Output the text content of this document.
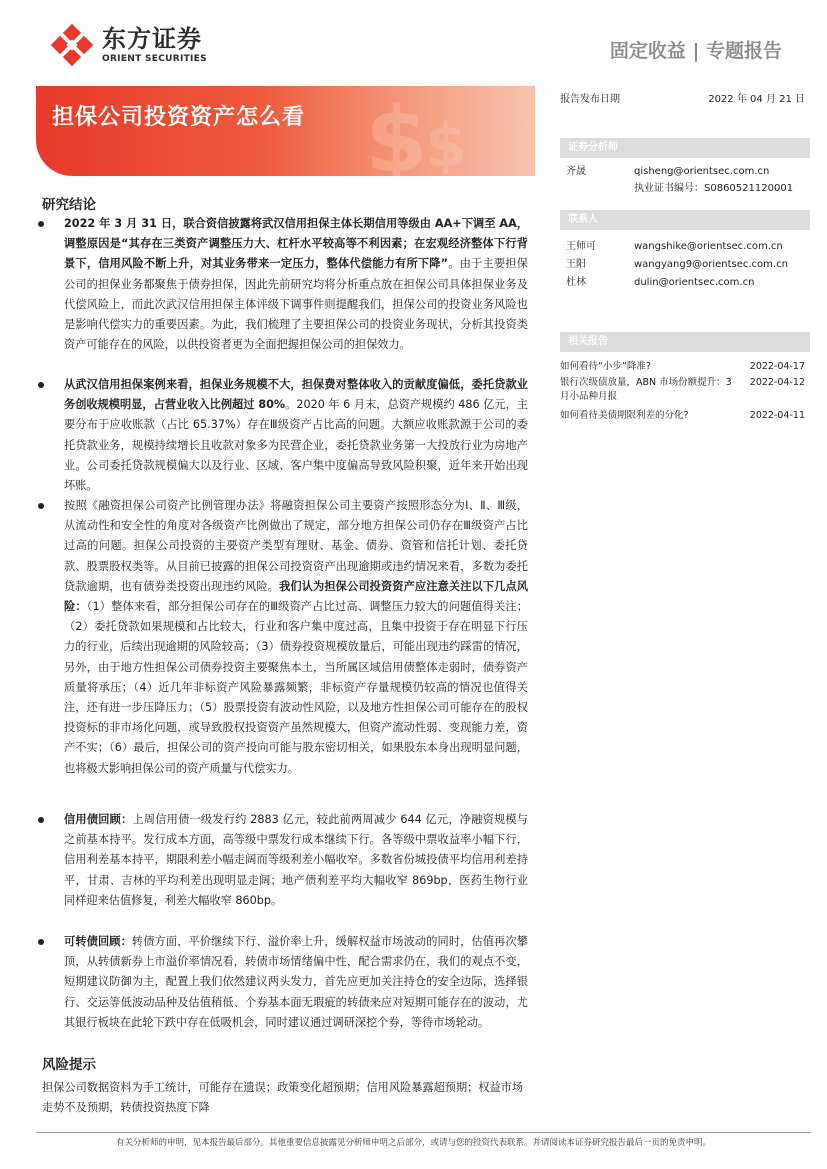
东方证券
ORIENT SECURITIES	固定收益 | 专题报告
$
$
担保公司投资资产怎么看
报告发布日期	2022 年 04 月 21 日
证券分析师
齐晟	qisheng@orientsec.com.cn
执业证书编号：S0860521120001
联系人
王师可	wangshike@orientsec.com.cn
王阳	wangyang9@orientsec.com.cn
杜林	dulin@orientsec.com.cn
相关报告
如何看待“小步”降准?	2022-04-17
银行次级债放量，ABN 市场份额提升：3 月小品种月报
2022-04-12
如何看待美债期限利差的分化?	2022-04-11
研究结论
2022 年 3 月 31 日，联合资信披露将武汉信用担保主体长期信用等级由 AA+下调至 AA，调整原因是“其存在三类资产调整压力大、杠杆水平较高等不利因素；在宏观经济整体下行背景下，信用风险不断上升，对其业务带来一定压力，整体代偿能力有所下降”。由于主要担保公司的担保业务都聚焦于债券担保，因此先前研究均将分析重点放在担保公司具体担保业务及代偿风险上，而此次武汉信用担保主体评级下调事件则提醒我们，担保公司的投资业务风险也是影响代偿实力的重要因素。为此，我们梳理了主要担保公司的投资业务现状，分析其投资类资产可能存在的风险，以供投资者更为全面把握担保公司的担保效力。
从武汉信用担保案例来看，担保业务规模不大，担保费对整体收入的贡献度偏低，委托贷款业务创收规模明显，占营业收入比例超过 80%。2020 年 6 月末，总资产规模约 486 亿元，主要分布于应收账款（占比 65.37%）存在Ⅲ级资产占比高的问题。大额应收账款源于公司的委托贷款业务，规模持续增长且收款对象多为民营企业，委托贷款业务第一大投放行业为房地产业。公司委托贷款规模偏大以及行业、区域、客户集中度偏高导致风险积聚，近年来开始出现坏账。
按照《融资担保公司资产比例管理办法》将融资担保公司主要资产按照形态分为Ⅰ、Ⅱ、Ⅲ级，从流动性和安全性的角度对各级资产比例做出了规定，部分地方担保公司仍存在Ⅲ级资产占比过高的问题。担保公司投资的主要资产类型有理财、基金、债券、资管和信托计划、委托贷款、股票股权类等。从目前已披露的担保公司投资资产出现逾期或违约情况来看，多数为委托贷款逾期，也有债券类投资出现违约风险。我们认为担保公司投资资产应注意关注以下几点风险：（1）整体来看，部分担保公司存在的Ⅲ级资产占比过高、调整压力较大的问题值得关注；（2）委托贷款如果规模和占比较大，行业和客户集中度过高，且集中投资于存在明显下行压力的行业，后续出现逾期的风险较高；（3）债券投资规模放量后，可能出现违约踩雷的情况，另外，由于地方性担保公司债券投资主要聚焦本土，当所属区域信用债整体走弱时，债券资产质量将承压；（4）近几年非标资产风险暴露频繁，非标资产存量规模仍较高的情况也值得关注，还有进一步压降压力；（5）股票投资有波动性风险，以及地方性担保公司可能存在的股权投资标的非市场化问题，或导致股权投资资产虽然规模大，但资产流动性弱、变现能力差，资产不实；（6）最后，担保公司的资产投向可能与股东密切相关，如果股东本身出现明显问题，也将极大影响担保公司的资产质量与代偿实力。
信用债回顾：上周信用债一级发行约 2883 亿元，较此前两周减少 644 亿元，净融资规模与之前基本持平。发行成本方面，高等级中票发行成本继续下行。各等级中票收益率小幅下行，信用利差基本持平，期限利差小幅走阔而等级利差小幅收窄。多数省份城投债平均信用利差持平，甘肃、吉林的平均利差出现明显走阔；地产债利差平均大幅收窄 869bp，医药生物行业同样迎来估值修复，利差大幅收窄 860bp。
可转债回顾：转债方面，平价继续下行、溢价率上升，缓解权益市场波动的同时，估值再次攀顶，从转债新券上市溢价率情况看，转债市场情绪偏中性，配合需求仍在，我们的观点不变，短期建议防御为主，配置上我们依然建议两头发力，首先应更加关注持仓的安全边际，选择银行、交运等低波动品种及估值稍低、个券基本面无瑕疵的转债来应对短期可能存在的波动，尤其银行板块在此轮下跌中存在低吸机会，同时建议通过调研深挖个券，等待市场轮动。
风险提示
担保公司数据资料为手工统计，可能存在遗误；政策变化超预期；信用风险暴露超预期；权益市场走势不及预期，转债投资热度下降
有关分析师的申明，见本报告最后部分。其他重要信息披露见分析师申明之后部分，或请与您的投资代表联系。并请阅读本证券研究报告最后一页的免责申明。
